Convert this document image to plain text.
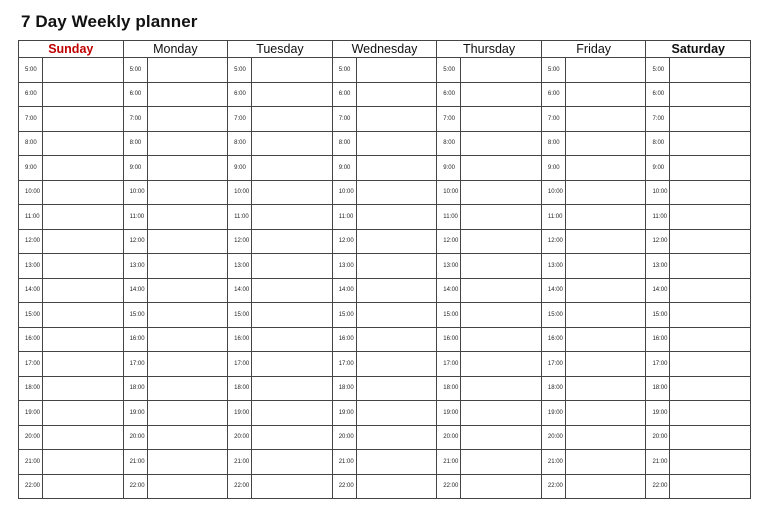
7 Day Weekly planner
Sunday		Monday		Tuesday		Wednesday		Thursday		Friday		Saturday	
5:00		5:00		5:00		5:00		5:00		5:00		5:00	
6:00		6:00		6:00		6:00		6:00		6:00		6:00	
7:00		7:00		7:00		7:00		7:00		7:00		7:00	
8:00		8:00		8:00		8:00		8:00		8:00		8:00	
9:00		9:00		9:00		9:00		9:00		9:00		9:00	
10:00		10:00		10:00		10:00		10:00		10:00		10:00	
11:00		11:00		11:00		11:00		11:00		11:00		11:00	
12:00		12:00		12:00		12:00		12:00		12:00		12:00	
13:00		13:00		13:00		13:00		13:00		13:00		13:00	
14:00		14:00		14:00		14:00		14:00		14:00		14:00	
15:00		15:00		15:00		15:00		15:00		15:00		15:00	
16:00		16:00		16:00		16:00		16:00		16:00		16:00	
17:00		17:00		17:00		17:00		17:00		17:00		17:00	
18:00		18:00		18:00		18:00		18:00		18:00		18:00	
19:00		19:00		19:00		19:00		19:00		19:00		19:00	
20:00		20:00		20:00		20:00		20:00		20:00		20:00	
21:00		21:00		21:00		21:00		21:00		21:00		21:00	
22:00		22:00		22:00		22:00		22:00		22:00		22:00	
